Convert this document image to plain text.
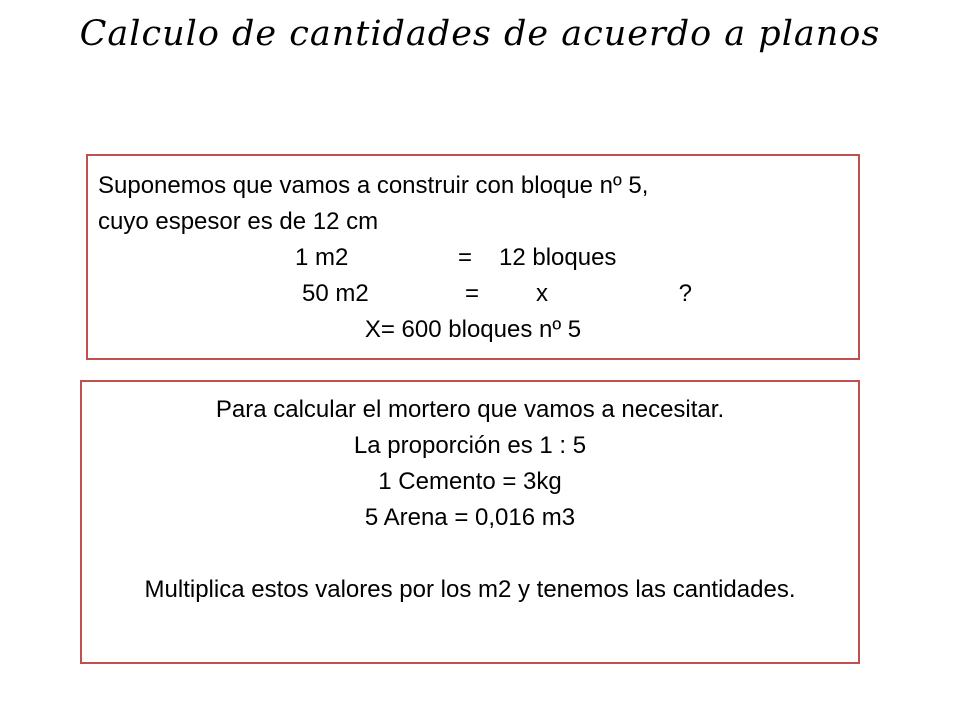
Calculo de cantidades de acuerdo a planos
Suponemos que vamos a construir con bloque nº 5,
cuyo espesor es de 12 cm
1 m2	=	12 bloques
50 m2	=	x	?
X= 600 bloques nº 5
Para calcular el mortero que vamos a necesitar.
La proporción es 1 : 5
1 Cemento = 3kg
5 Arena = 0,016 m3
Multiplica estos valores por los m2 y tenemos las cantidades.
